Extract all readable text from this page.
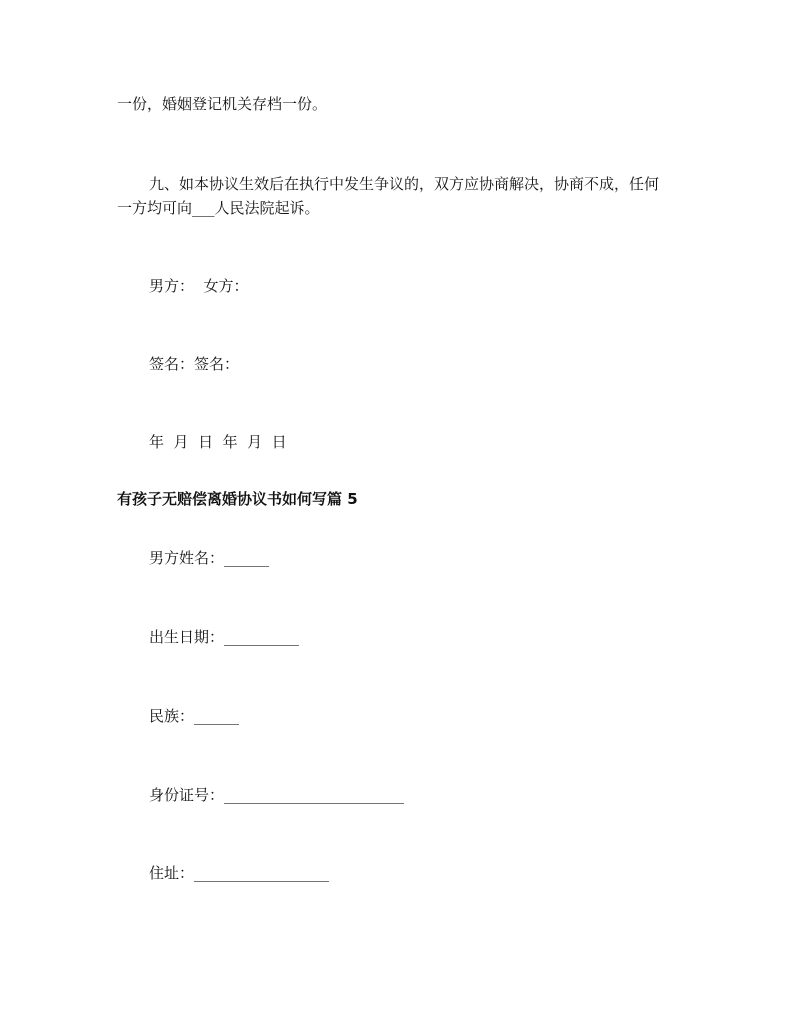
一份，婚姻登记机关存档一份。
九、如本协议生效后在执行中发生争议的，双方应协商解决，协商不成，任何
一方均可向___人民法院起诉。
男方：  女方：
签名：签名：
年  月  日  年  月  日
有孩子无赔偿离婚协议书如何写篇 5
男方姓名：______
出生日期：__________
民族：______
身份证号：________________________
住址：__________________
